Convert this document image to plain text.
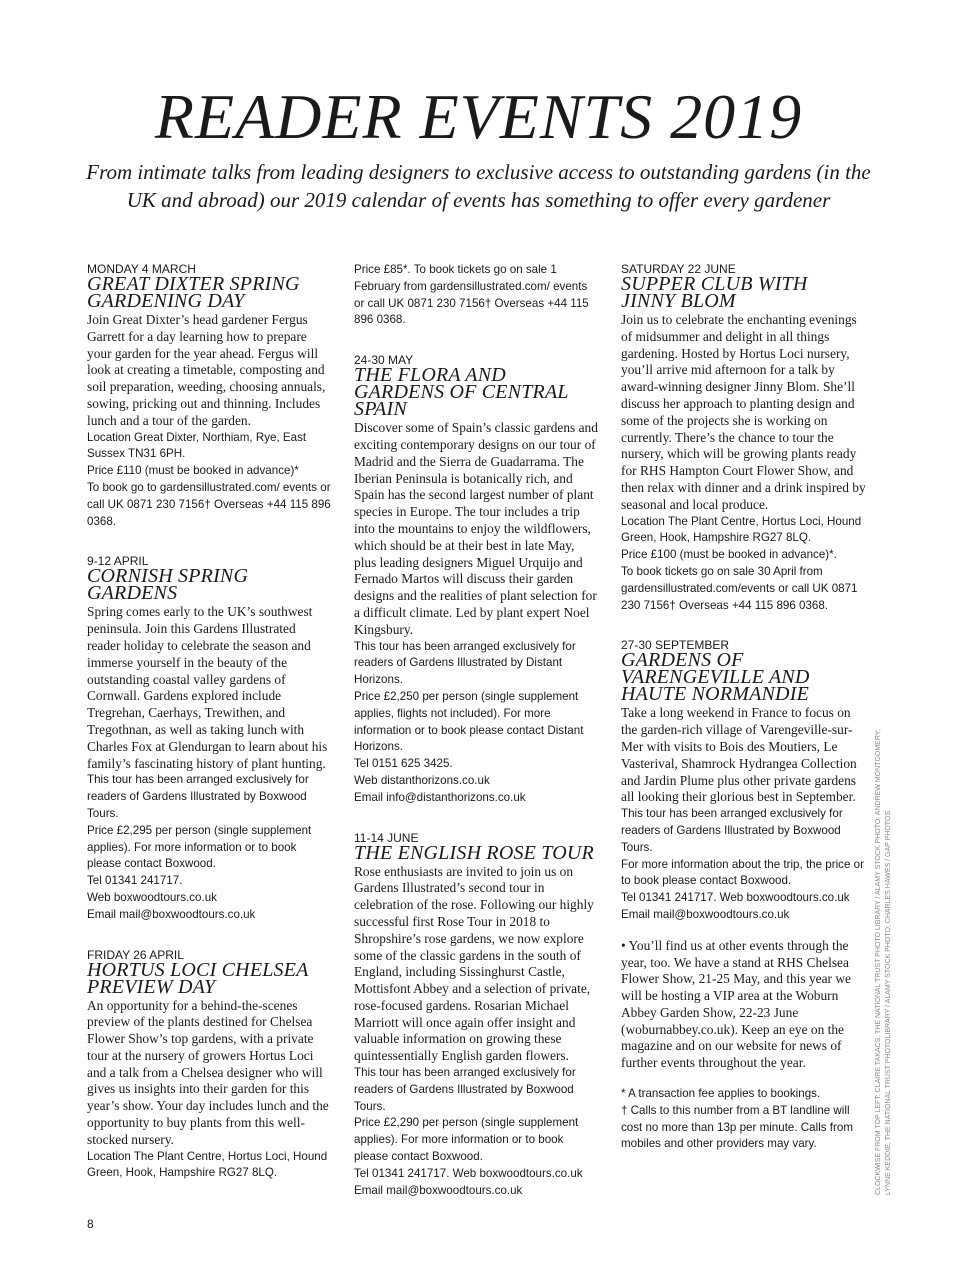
READER EVENTS 2019

From intimate talks from leading designers to exclusive access to outstanding gardens (in the UK and abroad) our 2019 calendar of events has something to offer every gardener

MONDAY 4 MARCH
GREAT DIXTER SPRING GARDENING DAY

Join Great Dixter’s head gardener Fergus Garrett for a day learning how to prepare your garden for the year ahead. Fergus will look at creating a timetable, composting and soil preparation, weeding, choosing annuals, sowing, pricking out and thinning. Includes lunch and a tour of the garden.

Location Great Dixter, Northiam, Rye, East Sussex TN31 6PH.

Price £110 (must be booked in advance)*

To book go to gardensillustrated.com/ events or call UK 0871 230 7156† Overseas +44 115 896 0368.

9-12 APRIL
CORNISH SPRING GARDENS

Spring comes early to the UK’s southwest peninsula. Join this Gardens Illustrated reader holiday to celebrate the season and immerse yourself in the beauty of the outstanding coastal valley gardens of Cornwall. Gardens explored include Tregrehan, Caerhays, Trewithen, and Tregothnan, as well as taking lunch with Charles Fox at Glendurgan to learn about his family’s fascinating history of plant hunting.

This tour has been arranged exclusively for readers of Gardens Illustrated by Boxwood Tours.

Price £2,295 per person (single supplement applies). For more information or to book please contact Boxwood.

Tel 01341 241717.

Web boxwoodtours.co.uk

Email mail@boxwoodtours.co.uk

FRIDAY 26 APRIL
HORTUS LOCI CHELSEA PREVIEW DAY

An opportunity for a behind-the-scenes preview of the plants destined for Chelsea Flower Show’s top gardens, with a private tour at the nursery of growers Hortus Loci and a talk from a Chelsea designer who will gives us insights into their garden for this year’s show. Your day includes lunch and the opportunity to buy plants from this well-stocked nursery.

Location The Plant Centre, Hortus Loci, Hound Green, Hook, Hampshire RG27 8LQ.

Price £85*. To book tickets go on sale 1 February from gardensillustrated.com/ events or call UK 0871 230 7156† Overseas +44 115 896 0368.

24-30 MAY
THE FLORA AND GARDENS OF CENTRAL SPAIN

Discover some of Spain’s classic gardens and exciting contemporary designs on our tour of Madrid and the Sierra de Guadarrama. The Iberian Peninsula is botanically rich, and Spain has the second largest number of plant species in Europe. The tour includes a trip into the mountains to enjoy the wildflowers, which should be at their best in late May, plus leading designers Miguel Urquijo and Fernado Martos will discuss their garden designs and the realities of plant selection for a difficult climate. Led by plant expert Noel Kingsbury.

This tour has been arranged exclusively for readers of Gardens Illustrated by Distant Horizons.

Price £2,250 per person (single supplement applies, flights not included). For more information or to book please contact Distant Horizons.

Tel 0151 625 3425.

Web distanthorizons.co.uk

Email info@distanthorizons.co.uk

11-14 JUNE
THE ENGLISH ROSE TOUR

Rose enthusiasts are invited to join us on Gardens Illustrated’s second tour in celebration of the rose. Following our highly successful first Rose Tour in 2018 to Shropshire’s rose gardens, we now explore some of the classic gardens in the south of England, including Sissinghurst Castle, Mottisfont Abbey and a selection of private, rose-focused gardens. Rosarian Michael Marriott will once again offer insight and valuable information on growing these quintessentially English garden flowers.

This tour has been arranged exclusively for readers of Gardens Illustrated by Boxwood Tours.

Price £2,290 per person (single supplement applies). For more information or to book please contact Boxwood.

Tel 01341 241717. Web boxwoodtours.co.uk

Email mail@boxwoodtours.co.uk

SATURDAY 22 JUNE
SUPPER CLUB WITH JINNY BLOM

Join us to celebrate the enchanting evenings of midsummer and delight in all things gardening. Hosted by Hortus Loci nursery, you’ll arrive mid afternoon for a talk by award-winning designer Jinny Blom. She’ll discuss her approach to planting design and some of the projects she is working on currently. There’s the chance to tour the nursery, which will be growing plants ready for RHS Hampton Court Flower Show, and then relax with dinner and a drink inspired by seasonal and local produce.

Location The Plant Centre, Hortus Loci, Hound Green, Hook, Hampshire RG27 8LQ.

Price £100 (must be booked in advance)*.

To book tickets go on sale 30 April from gardensillustrated.com/events or call UK 0871 230 7156† Overseas +44 115 896 0368.

27-30 SEPTEMBER
GARDENS OF VARENGEVILLE AND HAUTE NORMANDIE

Take a long weekend in France to focus on the garden-rich village of Varengeville-sur-Mer with visits to Bois des Moutiers, Le Vasterival, Shamrock Hydrangea Collection and Jardin Plume plus other private gardens all looking their glorious best in September.

This tour has been arranged exclusively for readers of Gardens Illustrated by Boxwood Tours.

For more information about the trip, the price or to book please contact Boxwood.

Tel 01341 241717. Web boxwoodtours.co.uk

Email mail@boxwoodtours.co.uk

• You’ll find us at other events through the year, too. We have a stand at RHS Chelsea Flower Show, 21-25 May, and this year we will be hosting a VIP area at the Woburn Abbey Garden Show, 22-23 June (woburnabbey.co.uk). Keep an eye on the magazine and on our website for news of further events throughout the year.

* A transaction fee applies to bookings.

† Calls to this number from a BT landline will cost no more than 13p per minute. Calls from mobiles and other providers may vary.

8
CLOCKWISE FROM TOP LEFT: CLAIRE TAKACS; THE NATIONAL TRUST PHOTO LIBRARY / ALAMY STOCK PHOTO; ANDREW MONTGOMERY; LYNNE KEDDIE; THE NATIONAL TRUST PHOTOLIBRARY / ALAMY STOCK PHOTO; CHARLES HAWES / GAP PHOTOS
